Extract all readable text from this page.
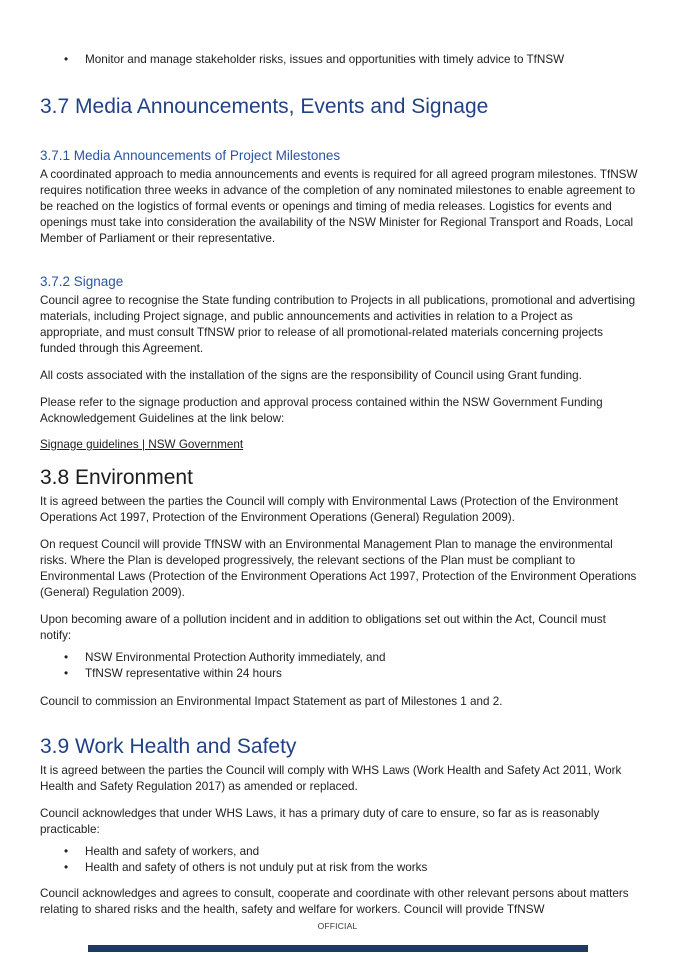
•	Monitor and manage stakeholder risks, issues and opportunities with timely advice to TfNSW
3.7 Media Announcements, Events and Signage
3.7.1 Media Announcements of Project Milestones

A coordinated approach to media announcements and events is required for all agreed program milestones. TfNSW requires notification three weeks in advance of the completion of any nominated milestones to enable agreement to be reached on the logistics of formal events or openings and timing of media releases. Logistics for events and openings must take into consideration the availability of the NSW Minister for Regional Transport and Roads, Local Member of Parliament or their representative.

3.7.2 Signage

Council agree to recognise the State funding contribution to Projects in all publications, promotional and advertising materials, including Project signage, and public announcements and activities in relation to a Project as appropriate, and must consult TfNSW prior to release of all promotional-related materials concerning projects funded through this Agreement.

All costs associated with the installation of the signs are the responsibility of Council using Grant funding.

Please refer to the signage production and approval process contained within the NSW Government Funding Acknowledgement Guidelines at the link below:

Signage guidelines | NSW Government

3.8 Environment

It is agreed between the parties the Council will comply with Environmental Laws (Protection of the Environment Operations Act 1997, Protection of the Environment Operations (General) Regulation 2009).

On request Council will provide TfNSW with an Environmental Management Plan to manage the environmental risks. Where the Plan is developed progressively, the relevant sections of the Plan must be compliant to Environmental Laws (Protection of the Environment Operations Act 1997, Protection of the Environment Operations (General) Regulation 2009).

Upon becoming aware of a pollution incident and in addition to obligations set out within the Act, Council must notify:

•	NSW Environmental Protection Authority immediately, and
•	TfNSW representative within 24 hours

Council to commission an Environmental Impact Statement as part of Milestones 1 and 2.

3.9 Work Health and Safety

It is agreed between the parties the Council will comply with WHS Laws (Work Health and Safety Act 2011, Work Health and Safety Regulation 2017) as amended or replaced.

Council acknowledges that under WHS Laws, it has a primary duty of care to ensure, so far as is reasonably practicable:

•	Health and safety of workers, and
•	Health and safety of others is not unduly put at risk from the works

Council acknowledges and agrees to consult, cooperate and coordinate with other relevant persons about matters relating to shared risks and the health, safety and welfare for workers. Council will provide TfNSW

OFFICIAL
